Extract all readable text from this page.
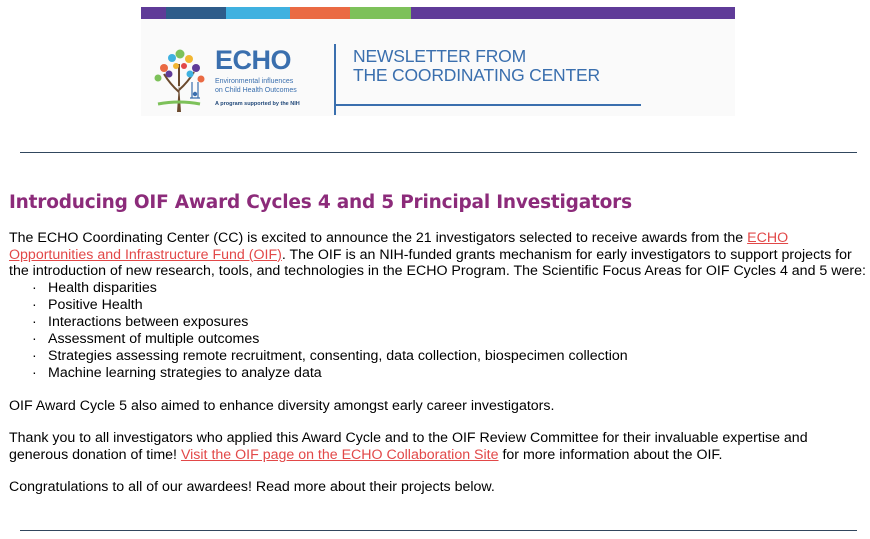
ECHO
Environmental influences
on Child Health Outcomes
A program supported by the NIH
NEWSLETTER FROM
THE COORDINATING CENTER
Introducing OIF Award Cycles 4 and 5 Principal Investigators

The ECHO Coordinating Center (CC) is excited to announce the 21 investigators selected to receive awards from the ECHO Opportunities and Infrastructure Fund (OIF). The OIF is an NIH-funded grants mechanism for early investigators to support projects for the introduction of new research, tools, and technologies in the ECHO Program. The Scientific Focus Areas for OIF Cycles 4 and 5 were:

· Health disparities
· Positive Health
· Interactions between exposures
· Assessment of multiple outcomes
· Strategies assessing remote recruitment, consenting, data collection, biospecimen collection
· Machine learning strategies to analyze data

OIF Award Cycle 5 also aimed to enhance diversity amongst early career investigators.

Thank you to all investigators who applied this Award Cycle and to the OIF Review Committee for their invaluable expertise and generous donation of time! Visit the OIF page on the ECHO Collaboration Site for more information about the OIF.

Congratulations to all of our awardees! Read more about their projects below.
